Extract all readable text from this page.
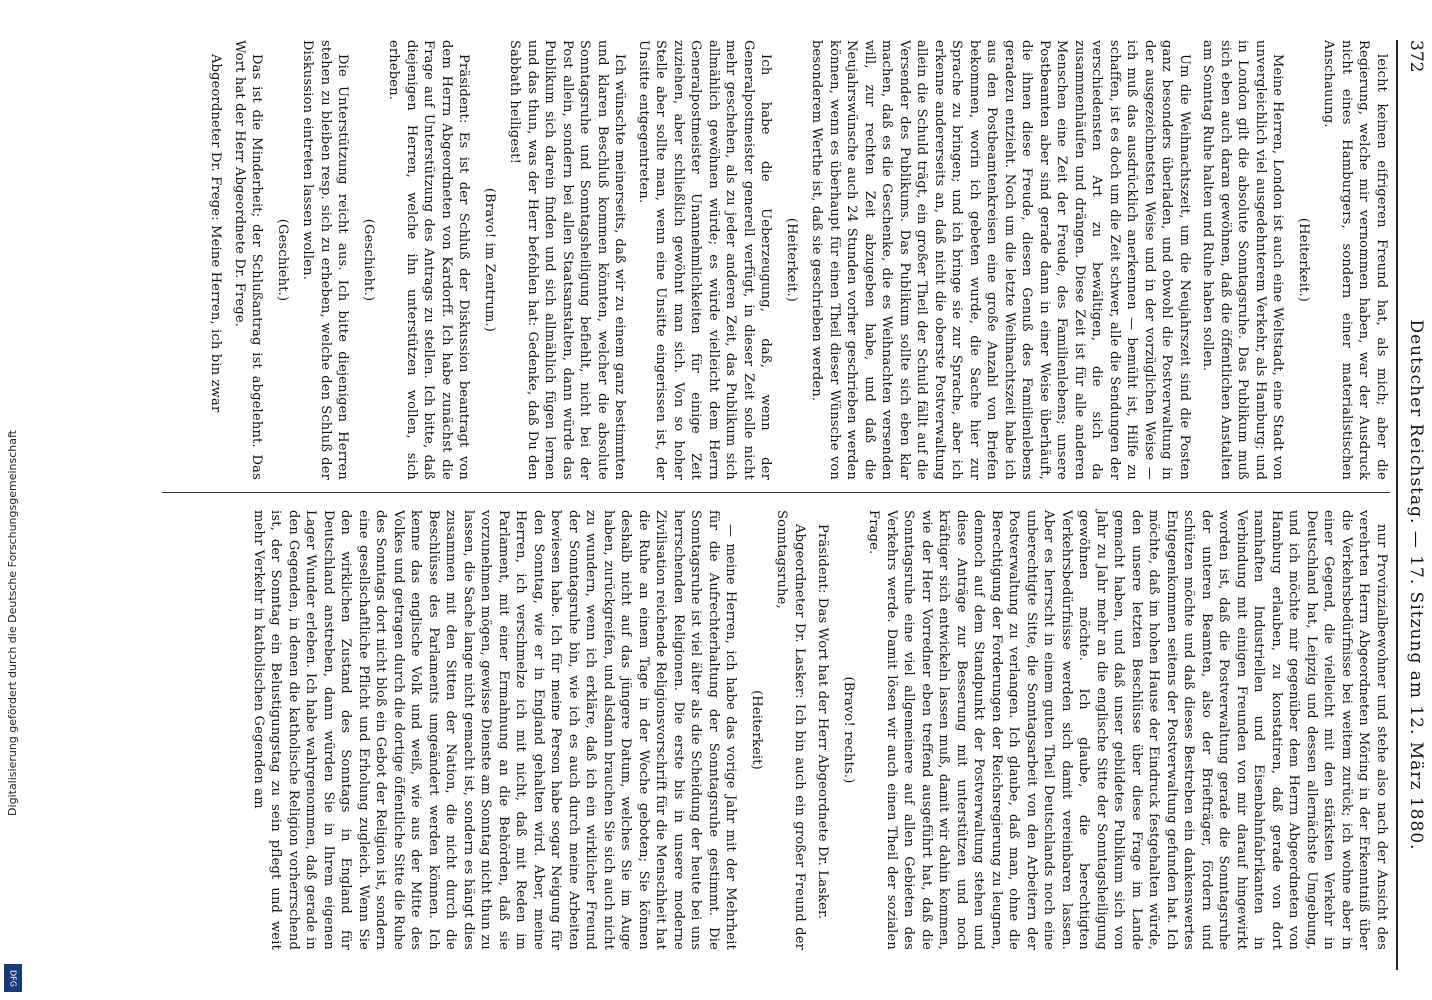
372
Deutscher Reichstag. — 17. Sitzung am 12. März 1880.

leicht keinen eifrigeren Freund hat, als mich; aber die Regierung, welche mir vernommen haben, war der Ausdruck nicht eines Hamburgers, sondern einer materialistischen Anschauung.

(Heiterkeit.)

Meine Herren, London ist auch eine Weltstadt, eine Stadt von unvergleichlich viel ausgedehnterem Verkehr, als Hamburg; und in London gilt die absolute Sonntagsruhe. Das Publikum muß sich eben auch daran gewöhnen, daß die öffentlichen Anstalten am Sonntag Ruhe halten und Ruhe haben sollen.

Um die Weihnachtszeit, um die Neujahrszeit sind die Posten ganz besonders überladen, und obwohl die Postverwaltung in der ausgezeichnetsten Weise und in der vorzüglichen Weise — ich muß das ausdrücklich anerkennen — bemüht ist, Hilfe zu schaffen, ist es doch um die Zeit schwer, alle die Sendungen der verschiedensten Art zu bewältigen, die sich da zusammenhäufen und drängen. Diese Zeit ist für alle anderen Menschen eine Zeit der Freude, des Familienlebens; unsere Postbeamten aber sind gerade dann in einer Weise überhäuft, die ihnen diese Freude, diesen Genuß des Familienlebens geradezu entzieht. Noch um die letzte Weihnachtszeit habe ich aus den Postbeamtenkreisen eine große Anzahl von Briefen bekommen, worin ich gebeten wurde, die Sache hier zur Sprache zu bringen; und ich bringe sie zur Sprache, aber ich erkenne andererseits an, daß nicht die oberste Postverwaltung allein die Schuld trägt, ein großer Theil der Schuld fällt auf die Versender des Publikums. Das Publikum sollte sich eben klar machen, daß es die Geschenke, die es Weihnachten versenden will, zur rechten Zeit abzugeben habe, und daß die Neujahrswünsche auch 24 Stunden vorher geschrieben werden können, wenn es überhaupt für einen Theil dieser Wünsche von besonderem Werthe ist, daß sie geschrieben werden.

(Heiterkeit.)

Ich habe die Ueberzeugung, daß, wenn der Generalpostmeister generell verfügt, in dieser Zeit solle nicht mehr geschehen, als zu jeder anderen Zeit, das Publikum sich allmählich gewöhnen würde; es würde vielleicht dem Herrn Generalpostmeister Unannehmlichkeiten für einige Zeit zuziehen, aber schließlich gewöhnt man sich. Von so hoher Stelle aber sollte man, wenn eine Unsitte eingerissen ist, der Unsitte entgegentreten.

Ich wünschte meinerseits, daß wir zu einem ganz bestimmten und klaren Beschluß kommen könnten, welcher die absolute Sonntagsruhe und Sonntagsheiligung befiehlt, nicht bei der Post allein, sondern bei allen Staatsanstalten, dann würde das Publikum sich darein finden und sich allmählich fügen lernen und das thun, was der Herr befohlen hat: Gedenke, daß Du den Sabbath heiligest!

(Bravo! im Zentrum.)

Präsident: Es ist der Schluß der Diskussion beantragt von dem Herrn Abgeordneten von Kardorff. Ich habe zunächst die Frage auf Unterstützung des Antrags zu stellen. Ich bitte, daß diejenigen Herren, welche ihn unterstützen wollen, sich erheben.

(Geschieht.)

Die Unterstützung reicht aus. Ich bitte diejenigen Herren stehen zu bleiben resp. sich zu erheben, welche den Schluß der Diskussion eintreten lassen wollen.

(Geschieht.)

Das ist die Minderheit; der Schlußantrag ist abgelehnt. Das Wort hat der Herr Abgeordnete Dr. Frege.

Abgeordneter Dr. Frege: Meine Herren, ich bin zwar

nur Provinzialbewohner und stehe also nach der Ansicht des verehrten Herrn Abgeordneten Möring in der Erkenntniß über die Verkehrsbedürfnisse bei weitem zurück; ich wohne aber in einer Gegend, die vielleicht mit den stärksten Verkehr in Deutschland hat, Leipzig und dessen allernächste Umgebung, und ich möchte mir gegenüber dem Herrn Abgeordneten von Hamburg erlauben, zu konstatiren, daß gerade von dort namhaften Industriellen und Eisenbahnfabrikanten in Verbindung mit einigen Freunden von mir darauf hingewirkt worden ist, daß die Postverwaltung gerade die Sonntagsruhe der unteren Beamten, also der Briefträger, fördern und schützen möchte und daß dieses Bestreben ein dankenswertes Entgegenkommen seitens der Postverwaltung gefunden hat. Ich möchte, daß im hohen Hause der Eindruck festgehalten würde, den unsere letzten Beschlüsse über diese Frage im Lande gemacht haben, und daß unser gebildetes Publikum sich von Jahr zu Jahr mehr an die englische Sitte der Sonntagsheiligung gewöhnen möchte. Ich glaube, die berechtigten Verkehrsbedürfnisse werden sich damit vereinbaren lassen. Aber es herrscht in einem guten Theil Deutschlands noch eine unberechtigte Sitte, die Sonntagsarbeit von den Arbeitern der Postverwaltung zu verlangen. Ich glaube, daß man, ohne die Berechtigung der Forderungen der Reichsregierung zu leugnen, dennoch auf dem Standpunkt der Postverwaltung stehen und diese Anträge zur Besserung mit unterstützen und noch kräftiger sich entwickeln lassen muß, damit wir dahin kommen, wie der Herr Vorredner eben treffend ausgeführt hat, daß die Sonntagsruhe eine viel allgemeinere auf allen Gebieten des Verkehrs werde. Damit lösen wir auch einen Theil der sozialen Frage.

(Bravo! rechts.)

Präsident: Das Wort hat der Herr Abgeordnete Dr. Lasker.

Abgeordneter Dr. Lasker: Ich bin auch ein großer Freund der Sonntagsruhe,

(Heiterkeit)

— meine Herren, ich habe das vorige Jahr mit der Mehrheit für die Aufrechterhaltung der Sonntagsruhe gestimmt. Die Sonntagsruhe ist viel älter als die Scheidung der heute bei uns herrschenden Religionen. Die erste bis in unsere moderne Zivilisation reichende Religionsvorschrift für die Menschheit hat die Ruhe an einem Tage in der Woche geboten; Sie können deshalb nicht auf das jüngere Datum, welches Sie im Auge haben, zurückgreifen, und alsdann brauchen Sie sich auch nicht zu wundern, wenn ich erkläre, daß ich ein wirklicher Freund der Sonntagsruhe bin, wie ich es auch durch meine Arbeiten bewiesen habe. Ich für meine Person habe sogar Neigung für den Sonntag, wie er in England gehalten wird. Aber, meine Herren, ich verschmelze ich mit nicht, daß mit Reden im Parlament, mit einer Ermahnung an die Behörden, daß sie vorzunehmen mögen, gewisse Dienste am Sonntag nicht thun zu lassen, die Sache lange nicht gemacht ist, sondern es hängt dies zusammen mit den Sitten der Nation, die nicht durch die Beschlüsse des Parlaments umgeändert werden können. Ich kenne das englische Volk und weiß, wie aus der Mitte des Volkes und getragen durch die dortige öffentliche Sitte die Ruhe des Sonntags dort nicht bloß ein Gebot der Religion ist, sondern eine gesellschaftliche Pflicht und Erholung zugleich. Wenn Sie den wirklichen Zustand des Sonntags in England für Deutschland anstreben, dann würden Sie in Ihrem eigenen Lager Wunder erleben. Ich habe wahrgenommen, daß gerade in den Gegenden, in denen die katholische Religion vorherrschend ist, der Sonntag ein Belustigungstag zu sein pflegt und weit mehr Verkehr in katholischen Gegenden am

Digitalisierung gefördert durch die Deutsche Forschungsgemeinschaft
DFG
